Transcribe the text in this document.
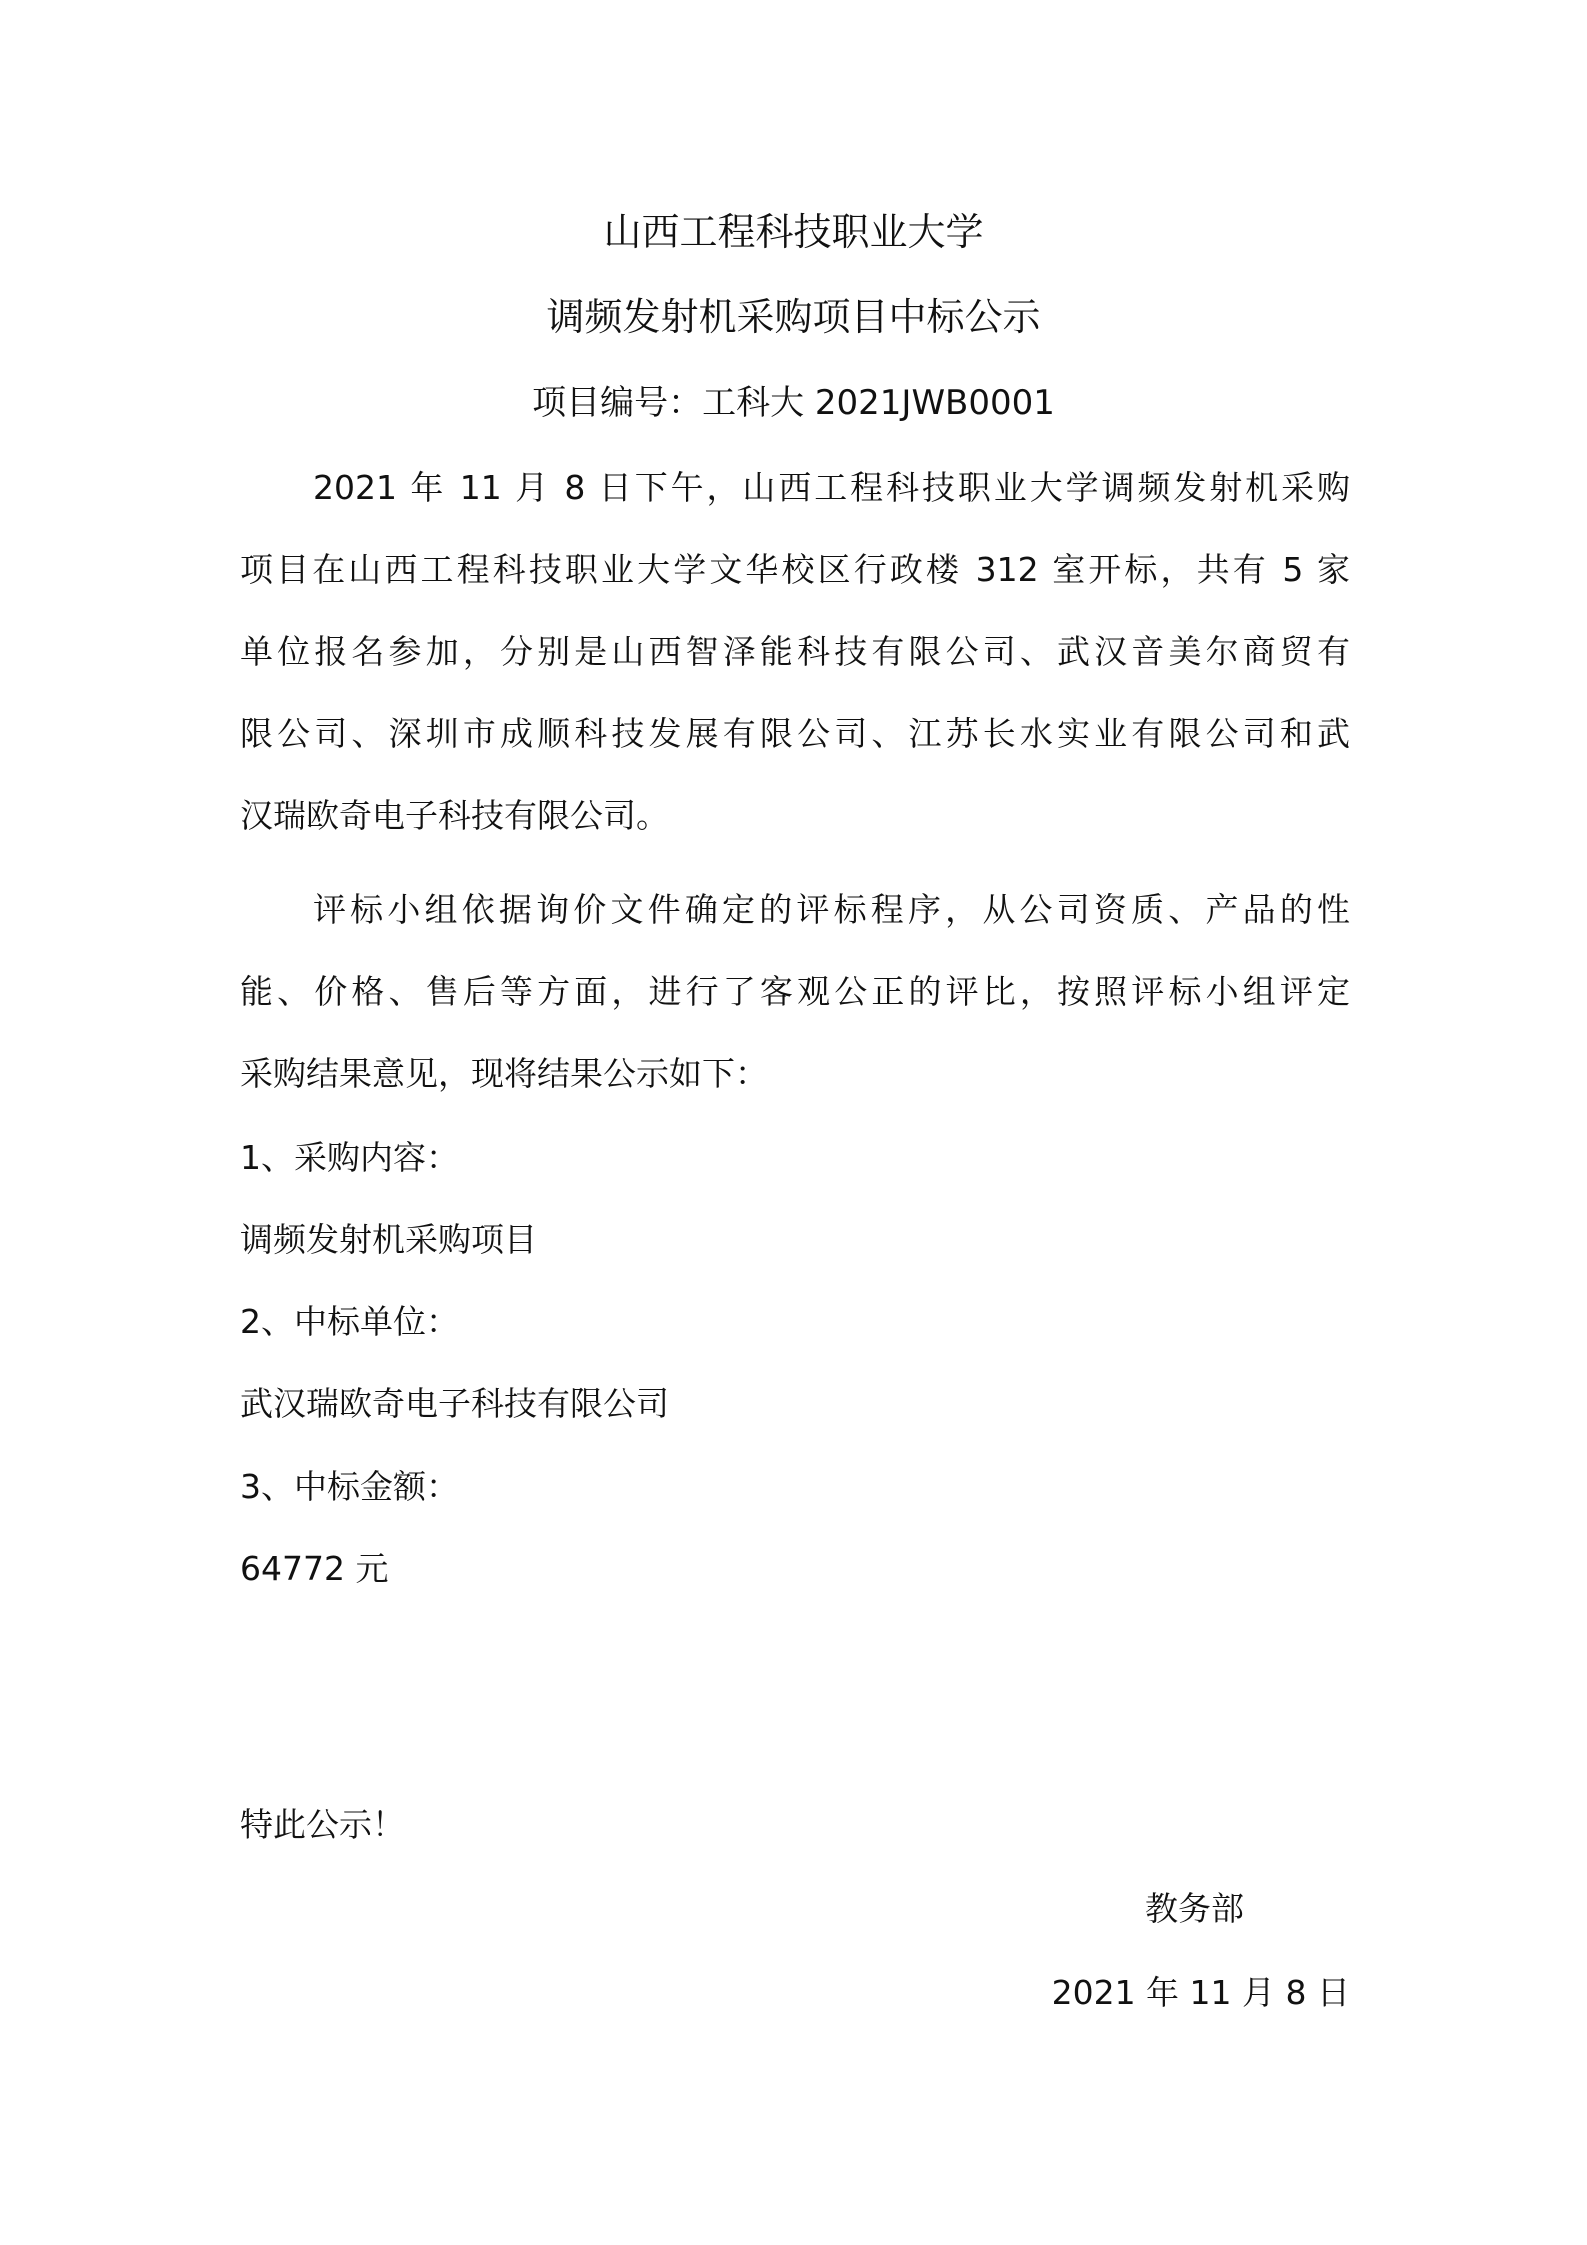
山西工程科技职业大学
调频发射机采购项目中标公示
项目编号：工科大 2021JWB0001
2021 年 11 月 8 日下午，山西工程科技职业大学调频发射机采购
项目在山西工程科技职业大学文华校区行政楼 312 室开标，共有 5 家
单位报名参加，分别是山西智泽能科技有限公司、武汉音美尔商贸有
限公司、深圳市成顺科技发展有限公司、江苏长水实业有限公司和武
汉瑞欧奇电子科技有限公司。
评标小组依据询价文件确定的评标程序，从公司资质、产品的性
能、价格、售后等方面，进行了客观公正的评比，按照评标小组评定
采购结果意见，现将结果公示如下：
1、采购内容：
调频发射机采购项目
2、中标单位：
武汉瑞欧奇电子科技有限公司
3、中标金额：
64772 元
特此公示！
教务部
2021 年 11 月 8 日
